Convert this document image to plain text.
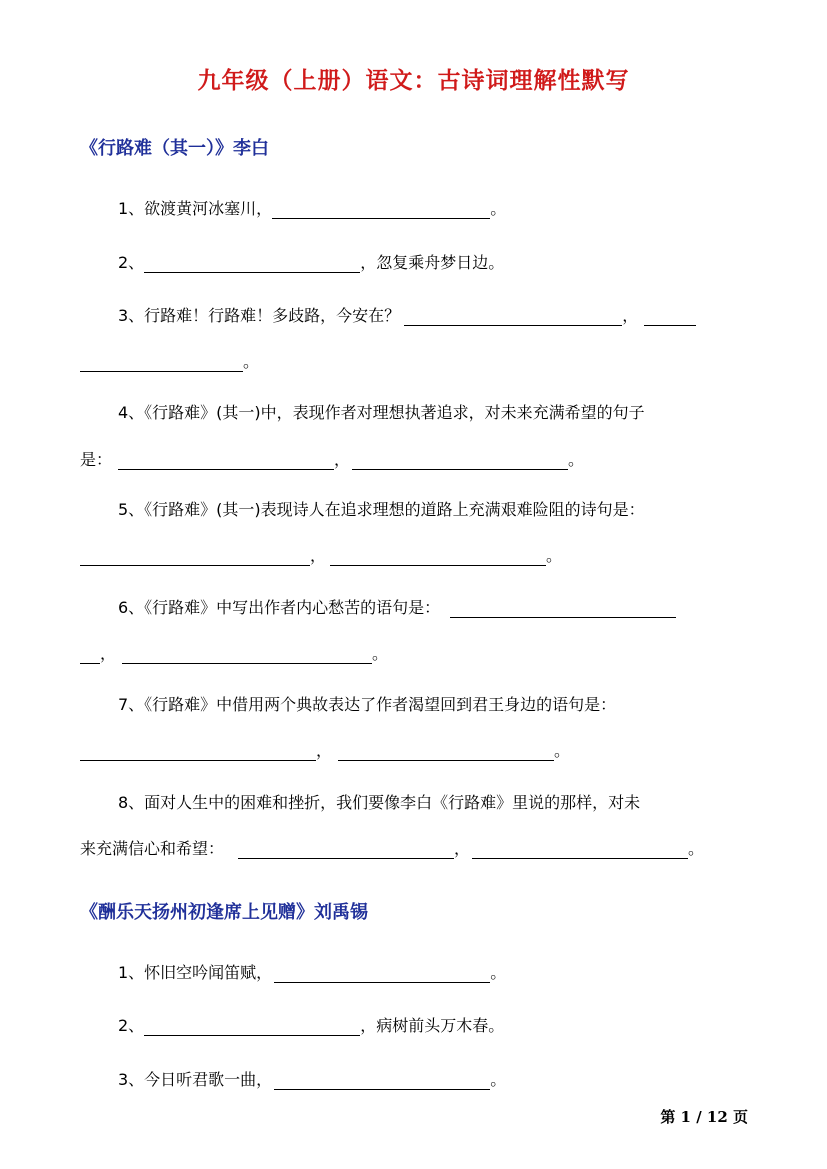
九年级（上册）语文：古诗词理解性默写
《行路难（其一）》李白
1、欲渡黄河冰塞川，	。
2、	，忽复乘舟梦日边。
3、行路难！行路难！多歧路，今安在？	，
。
4、《行路难》(其一)中，表现作者对理想执著追求，对未来充满希望的句子
是：	，	。
5、《行路难》(其一)表现诗人在追求理想的道路上充满艰难险阻的诗句是：
，	。
6、《行路难》中写出作者内心愁苦的语句是：
，	。
7、《行路难》中借用两个典故表达了作者渴望回到君王身边的语句是：
，	。
8、面对人生中的困难和挫折，我们要像李白《行路难》里说的那样，对未
来充满信心和希望：	，	。
《酬乐天扬州初逢席上见赠》刘禹锡
1、怀旧空吟闻笛赋，	。
2、	，病树前头万木春。
3、今日听君歌一曲，	。
第 1 / 12 页
